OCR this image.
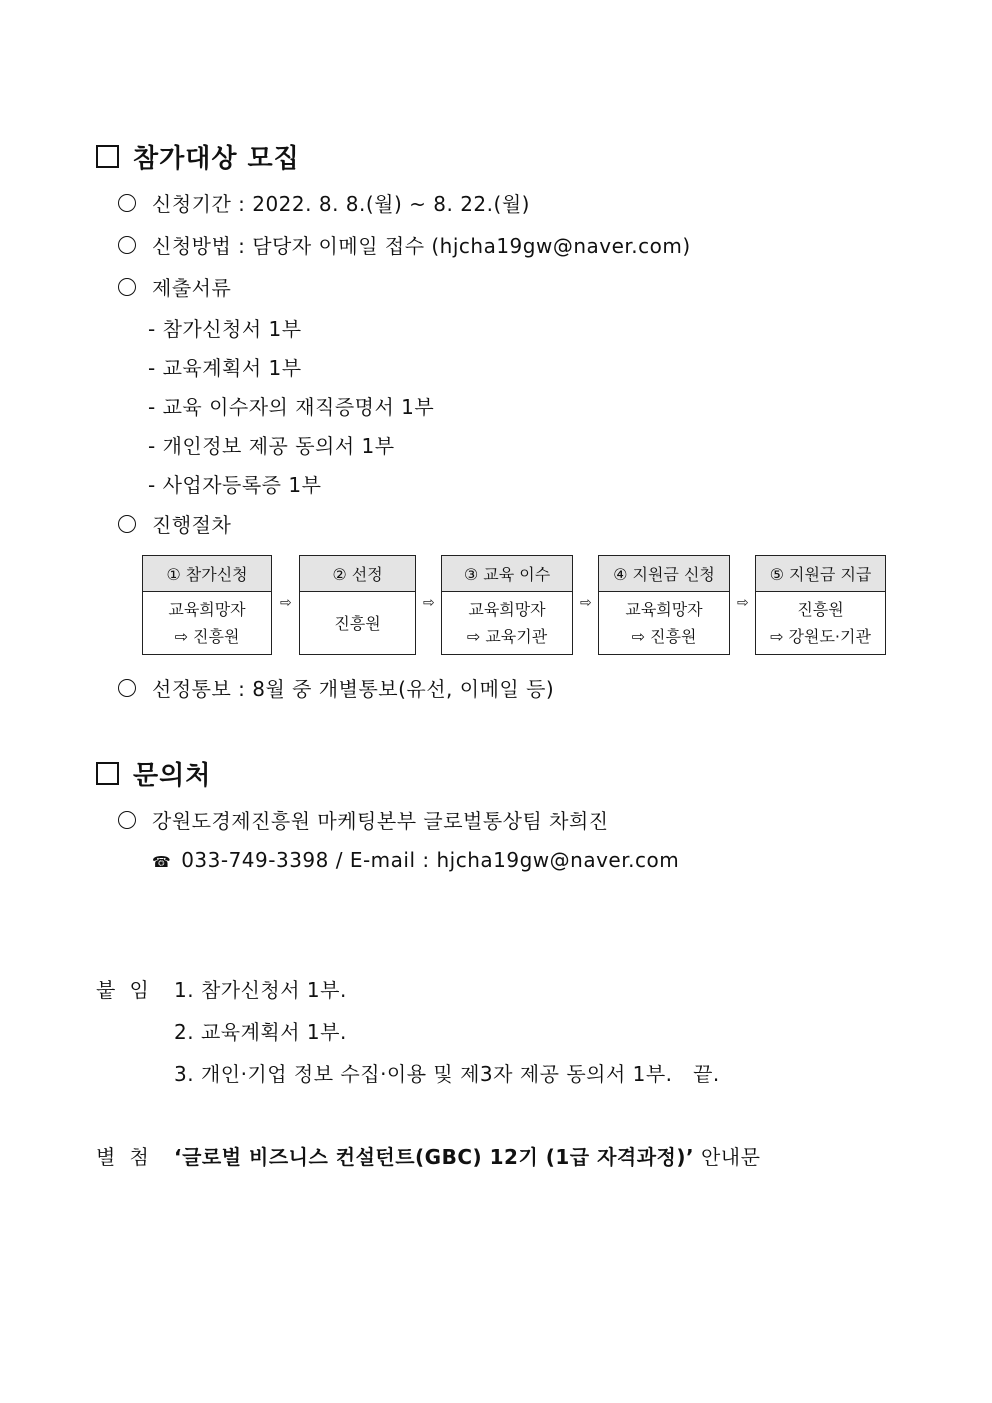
참가대상 모집
신청기간 : 2022. 8. 8.(월) ~ 8. 22.(월)
신청방법 : 담당자 이메일 접수 (hjcha19gw@naver.com)
제출서류
- 참가신청서 1부
- 교육계획서 1부
- 교육 이수자의 재직증명서 1부
- 개인정보 제공 동의서 1부
- 사업자등록증 1부
진행절차
① 참가신청
교육희망자
⇨ 진흥원
⇨
② 선정
진흥원
⇨
③ 교육 이수
교육희망자
⇨ 교육기관
⇨
④ 지원금 신청
교육희망자
⇨ 진흥원
⇨
⑤ 지원금 지급
진흥원
⇨ 강원도·기관
선정통보 : 8월 중 개별통보(유선, 이메일 등)
문의처
강원도경제진흥원 마케팅본부 글로벌통상팀 차희진
☎ 033-749-3398 / E-mail : hjcha19gw@naver.com
붙  임 1. 참가신청서 1부.
2. 교육계획서 1부.
3. 개인·기업 정보 수집·이용 및 제3자 제공 동의서 1부.   끝.
별  첨 ‘글로벌 비즈니스 컨설턴트(GBC) 12기 (1급 자격과정)’ 안내문
